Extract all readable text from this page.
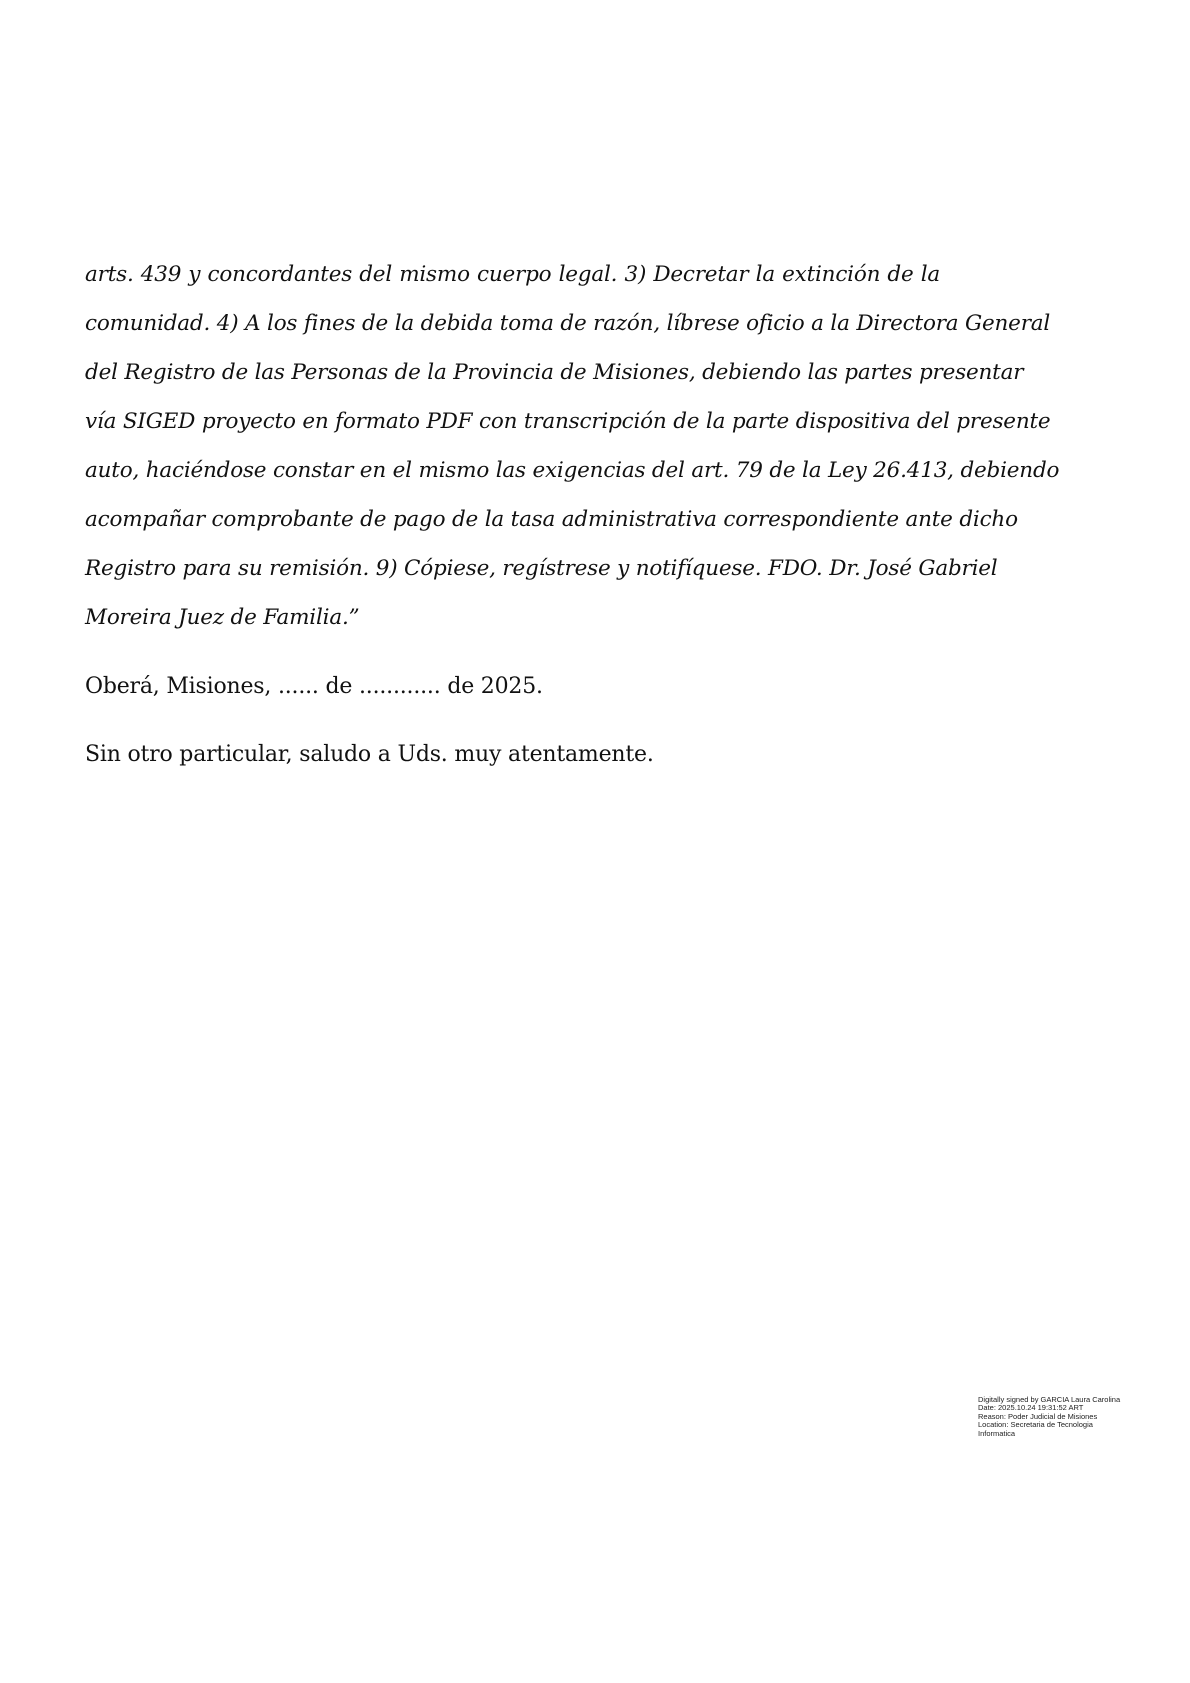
arts. 439 y concordantes del mismo cuerpo legal. 3) Decretar la extinción de la
comunidad. 4) A los fines de la debida toma de razón, líbrese oficio a la Directora General
del Registro de las Personas de la Provincia de Misiones, debiendo las partes presentar
vía SIGED proyecto en formato PDF con transcripción de la parte dispositiva del presente
auto, haciéndose constar en el mismo las exigencias del art. 79 de la Ley 26.413, debiendo
acompañar comprobante de pago de la tasa administrativa correspondiente ante dicho
Registro para su remisión. 9) Cópiese, regístrese y notifíquese. FDO. Dr. José Gabriel
Moreira Juez de Familia.”

Oberá, Misiones, ...... de ............ de 2025.

Sin otro particular, saludo a Uds. muy atentamente.

Digitally signed by GARCIA Laura Carolina
Date: 2025.10.24 19:31:52 ART
Reason: Poder Judicial de Misiones
Location: Secretaria de Tecnologia
Informatica
